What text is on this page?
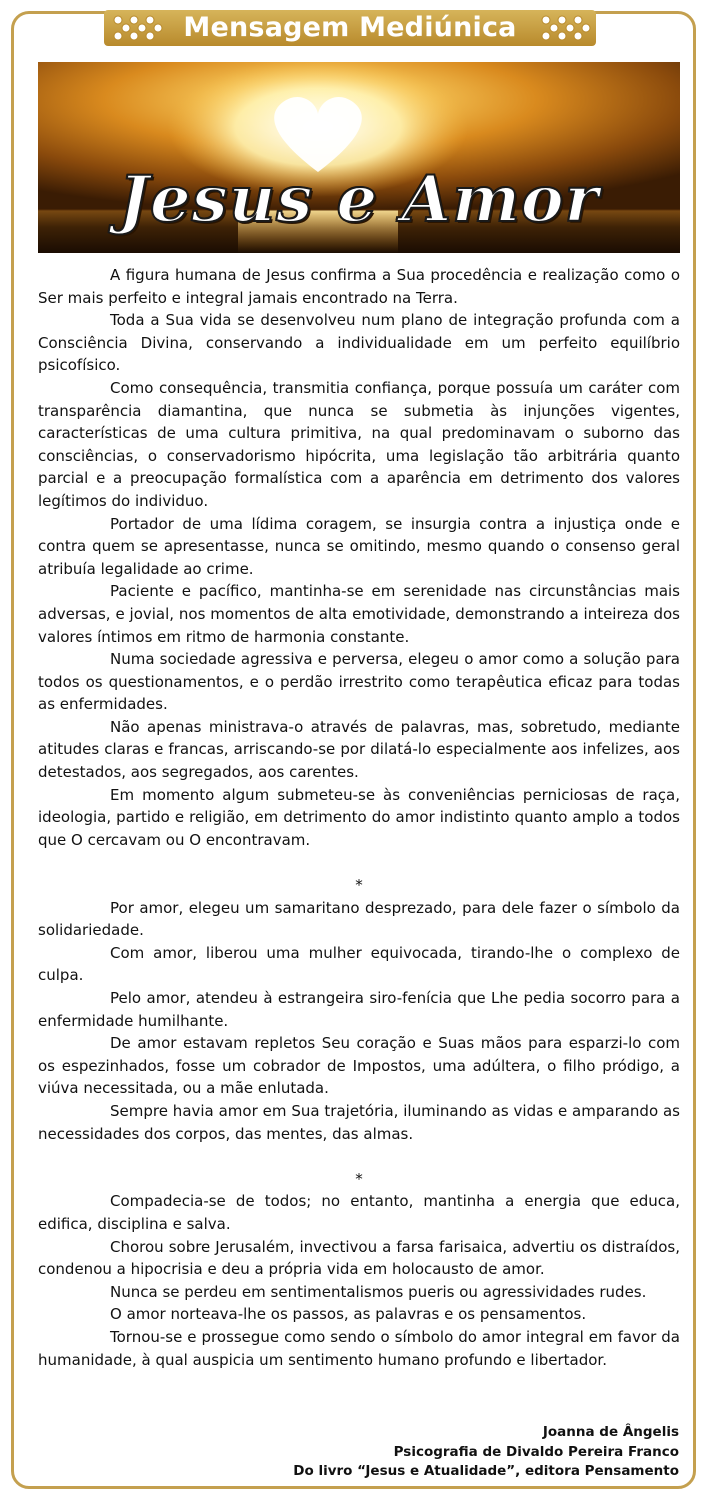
Mensagem Mediúnica
Jesus e Amor

A figura humana de Jesus confirma a Sua procedência e realização como o Ser mais perfeito e integral jamais encontrado na Terra.

Toda a Sua vida se desenvolveu num plano de integração profunda com a Consciência Divina, conservando a individualidade em um perfeito equilíbrio psicofísico.

Como consequência, transmitia confiança, porque possuía um caráter com transparência diamantina, que nunca se submetia às injunções vigentes, características de uma cultura primitiva, na qual predominavam o suborno das consciências, o conservadorismo hipócrita, uma legislação tão arbitrária quanto parcial e a preocupação formalística com a aparência em detrimento dos valores legítimos do individuo.

Portador de uma lídima coragem, se insurgia contra a injustiça onde e contra quem se apresentasse, nunca se omitindo, mesmo quando o consenso geral atribuía legalidade ao crime.

Paciente e pacífico, mantinha-se em serenidade nas circunstâncias mais adversas, e jovial, nos momentos de alta emotividade, demonstrando a inteireza dos valores íntimos em ritmo de harmonia constante.

Numa sociedade agressiva e perversa, elegeu o amor como a solução para todos os questionamentos, e o perdão irrestrito como terapêutica eficaz para todas as enfermidades.

Não apenas ministrava-o através de palavras, mas, sobretudo, mediante atitudes claras e francas, arriscando-se por dilatá-lo especialmente aos infelizes, aos detestados, aos segregados, aos carentes.

Em momento algum submeteu-se às conveniências perniciosas de raça, ideologia, partido e religião, em detrimento do amor indistinto quanto amplo a todos que O cercavam ou O encontravam.

*

Por amor, elegeu um samaritano desprezado, para dele fazer o símbolo da solidariedade.

Com amor, liberou uma mulher equivocada, tirando-lhe o complexo de culpa.

Pelo amor, atendeu à estrangeira siro-fenícia que Lhe pedia socorro para a enfermidade humilhante.

De amor estavam repletos Seu coração e Suas mãos para esparzi-lo com os espezinhados, fosse um cobrador de Impostos, uma adúltera, o filho pródigo, a viúva necessitada, ou a mãe enlutada.

Sempre havia amor em Sua trajetória, iluminando as vidas e amparando as necessidades dos corpos, das mentes, das almas.

*

Compadecia-se de todos; no entanto, mantinha a energia que educa, edifica, disciplina e salva.

Chorou sobre Jerusalém, invectivou a farsa farisaica, advertiu os distraídos, condenou a hipocrisia e deu a própria vida em holocausto de amor.

Nunca se perdeu em sentimentalismos pueris ou agressividades rudes.

O amor norteava-lhe os passos, as palavras e os pensamentos.

Tornou-se e prossegue como sendo o símbolo do amor integral em favor da humanidade, à qual auspicia um sentimento humano profundo e libertador.

Joanna de Ângelis
Psicografia de Divaldo Pereira Franco
Do livro “Jesus e Atualidade”, editora Pensamento
